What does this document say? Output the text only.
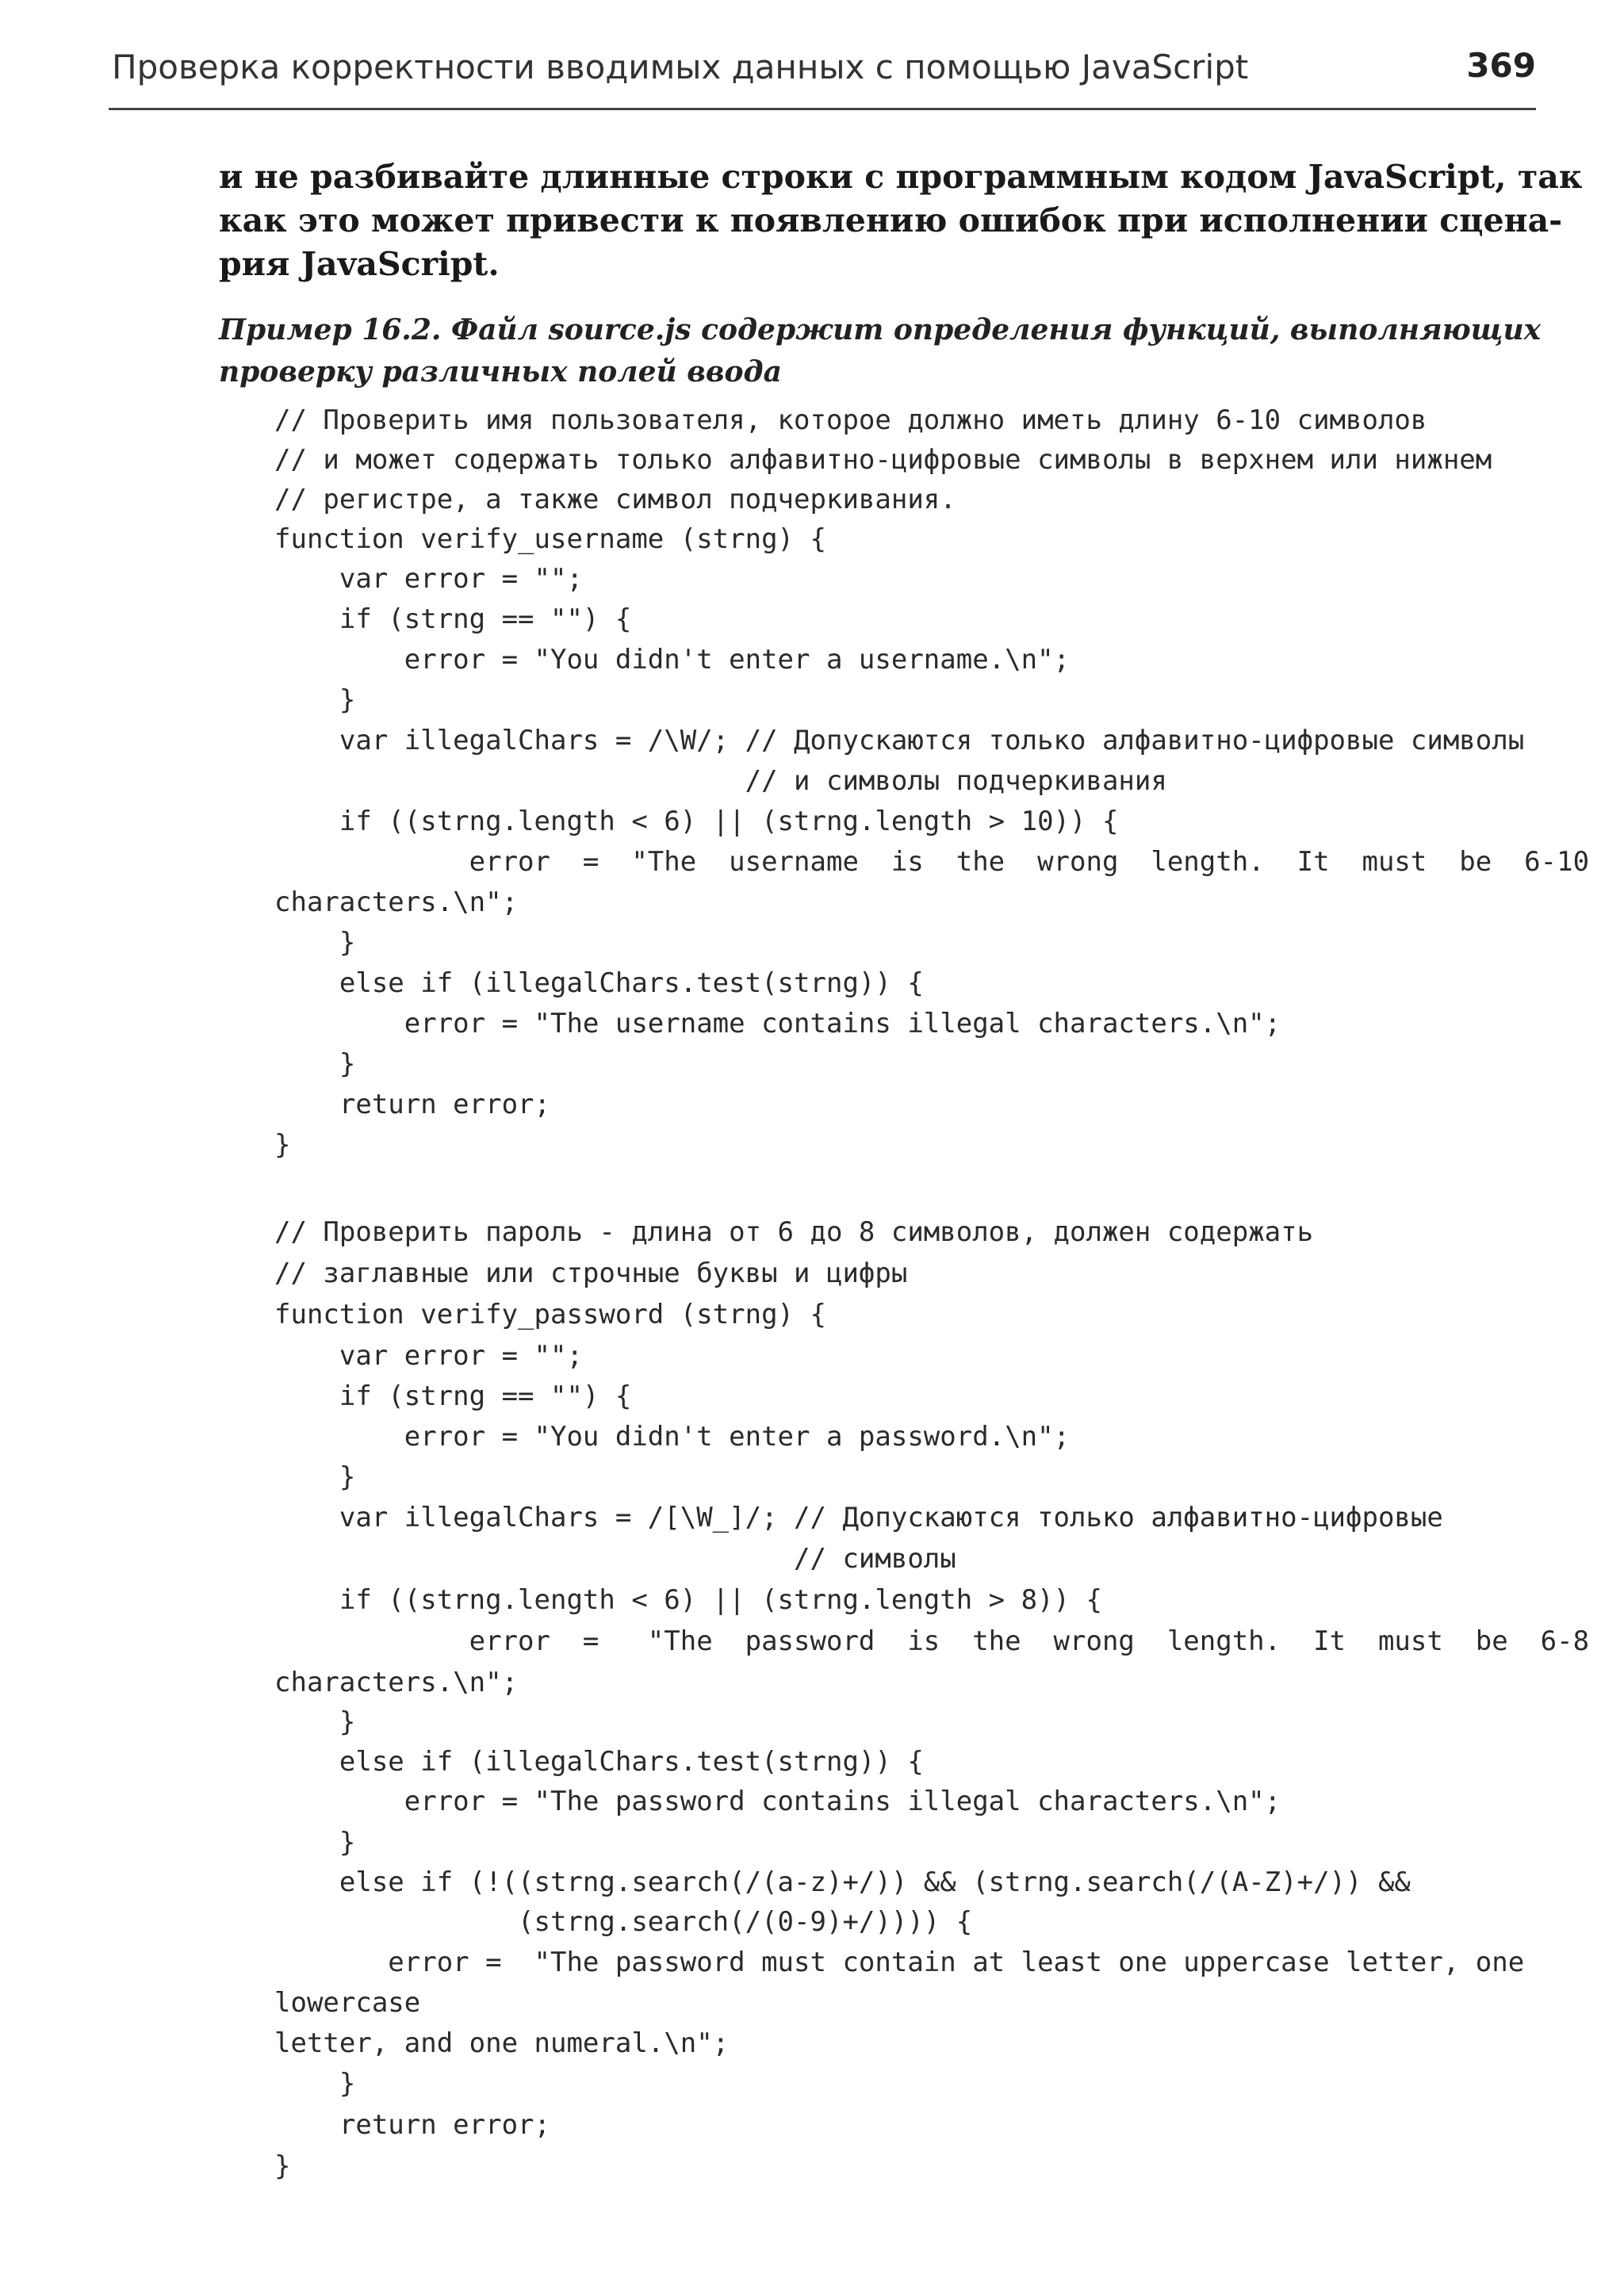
Проверка корректности вводимых данных с помощью JavaScript	369
и не разбивайте длинные строки с программным кодом JavaScript, так
как это может привести к появлению ошибок при исполнении сцена-
рия JavaScript.
Пример 16.2. Файл source.js содержит определения функций, выполняющих
проверку различных полей ввода
// Проверить имя пользователя, которое должно иметь длину 6-10 символов
// и может содержать только алфавитно-цифровые символы в верхнем или нижнем
// регистре, а также символ подчеркивания.
function verify_username (strng) {
var error = "";
if (strng == "") {
error = "You didn't enter a username.\n";
}
var illegalChars = /\W/; // Допускаются только алфавитно-цифровые символы
// и символы подчеркивания
if ((strng.length < 6) || (strng.length > 10)) {
error  =  "The  username  is  the  wrong  length.  It  must  be  6-10
characters.\n";
}
else if (illegalChars.test(strng)) {
error = "The username contains illegal characters.\n";
}
return error;
}
// Проверить пароль - длина от 6 до 8 символов, должен содержать
// заглавные или строчные буквы и цифры
function verify_password (strng) {
var error = "";
if (strng == "") {
error = "You didn't enter a password.\n";
}
var illegalChars = /[\W_]/; // Допускаются только алфавитно-цифровые
// символы
if ((strng.length < 6) || (strng.length > 8)) {
error  =   "The  password  is  the  wrong  length.  It  must  be  6-8
characters.\n";
}
else if (illegalChars.test(strng)) {
error = "The password contains illegal characters.\n";
}
else if (!((strng.search(/(a-z)+/)) && (strng.search(/(A-Z)+/)) &&
(strng.search(/(0-9)+/)))) {
error =  "The password must contain at least one uppercase letter, one
lowercase
letter, and one numeral.\n";
}
return error;
}
